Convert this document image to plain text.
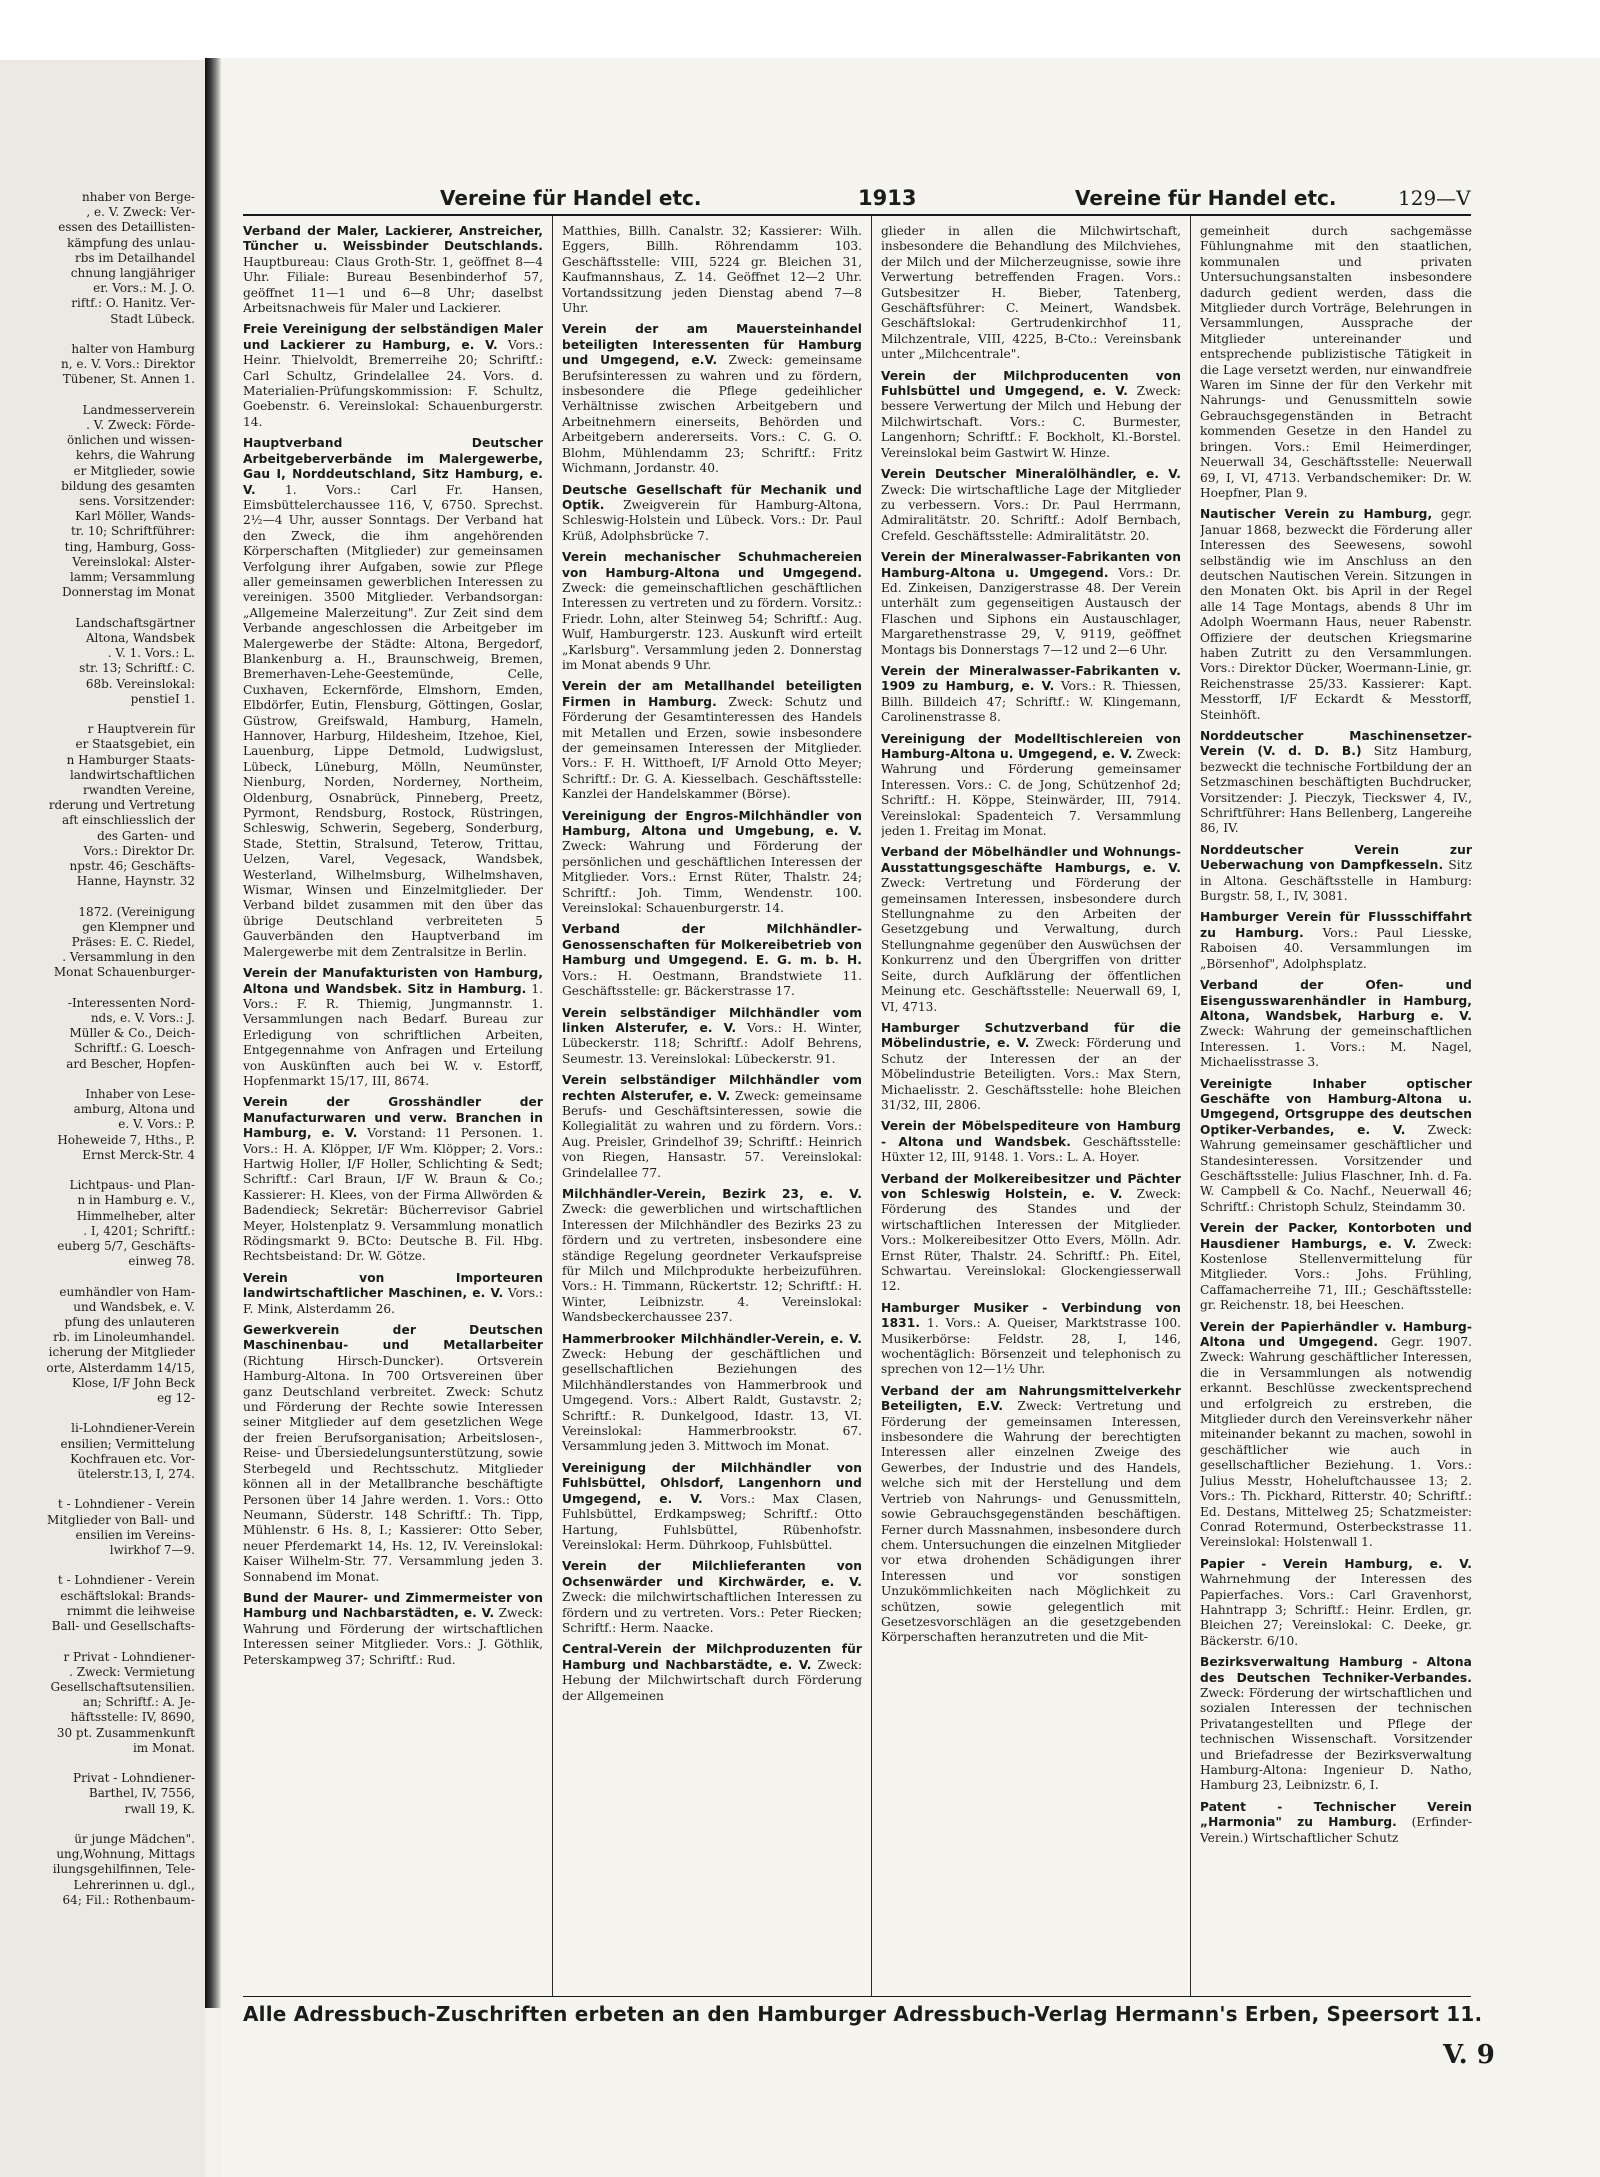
nhaber von Berge-
, e. V. Zweck: Ver-
essen des Detaillisten-
kämpfung des unlau-
rbs im Detailhandel
chnung langjähriger
er. Vors.: M. J. O.
riftf.: O. Hanitz. Ver-
Stadt Lübeck.

halter von Hamburg
n, e. V. Vors.: Direktor
Tübener, St. Annen 1.

Landmesserverein
. V. Zweck: Förde-
önlichen und wissen-
kehrs, die Wahrung
er Mitglieder, sowie
bildung des gesamten
sens. Vorsitzender:
Karl Möller, Wands-
tr. 10; Schriftführer:
ting, Hamburg, Goss-
Vereinslokal: Alster-
lamm; Versammlung
Donnerstag im Monat

Landschaftsgärtner
Altona, Wandsbek
. V. 1. Vors.: L.
str. 13; Schriftf.: C.
68b. Vereinslokal:
penstieI 1.

r Hauptverein für
er Staatsgebiet, ein
n Hamburger Staats-
landwirtschaftlichen
rwandten Vereine,
rderung und Vertretung
aft einschliesslich der
des Garten- und
Vors.: Direktor Dr.
npstr. 46; Geschäfts-
Hanne, Haynstr. 32

1872. (Vereinigung
gen Klempner und
Präses: E. C. Riedel,
. Versammlung in den
Monat Schauenburger-

-Interessenten Nord-
nds, e. V. Vors.: J.
Müller & Co., Deich-
Schriftf.: G. Loesch-
ard Bescher, Hopfen-

Inhaber von Lese-
amburg, Altona und
e. V. Vors.: P.
Hoheweide 7, Hths., P.
Ernst Merck-Str. 4

Lichtpaus- und Plan-
n in Hamburg e. V.,
Himmelheber, alter
. I, 4201; Schriftf.:
euberg 5/7, Geschäfts-
einweg 78.

eumhändler von Ham-
und Wandsbek, e. V.
pfung des unlauteren
rb. im Linoleumhandel.
icherung der Mitglieder
orte, Alsterdamm 14/15,
Klose, I/F John Beck
eg 12-

li-Lohndiener-Verein
ensilien; Vermittelung
Kochfrauen etc. Vor-
ütelerstr.13, I, 274.

t - Lohndiener - Verein
Mitglieder von Ball- und
ensilien im Vereins-
lwirkhof 7—9.

t - Lohndiener - Verein
eschäftslokal: Brands-
rnimmt die leihweise
Ball- und Gesellschafts-

r Privat - Lohndiener-
. Zweck: Vermietung
Gesellschaftsutensilien.
an; Schriftf.: A. Je-
häftsstelle: IV, 8690,
30 pt. Zusammenkunft
im Monat.

Privat - Lohndiener-
Barthel, IV, 7556,
rwall 19, K.

ür junge Mädchen".
ung,Wohnung, Mittags
ilungsgehilfinnen, Tele-
Lehrerinnen u. dgl.,
64; Fil.: Rothenbaum-
Vereine für Handel etc.	1913	Vereine für Handel etc.	129—V

Verband der Maler, Lackierer, Anstreicher, Tüncher u. Weissbinder Deutschlands. Hauptbureau: Claus Groth-Str. 1, geöffnet 8—4 Uhr. Filiale: Bureau Besenbinderhof 57, geöffnet 11—1 und 6—8 Uhr; daselbst Arbeitsnachweis für Maler und Lackierer.

Freie Vereinigung der selbständigen Maler und Lackierer zu Hamburg, e. V. Vors.: Heinr. Thielvoldt, Bremerreihe 20; Schriftf.: Carl Schultz, Grindelallee 24. Vors. d. Materialien-Prüfungskommission: F. Schultz, Goebenstr. 6. Vereinslokal: Schauenburgerstr. 14.

Hauptverband Deutscher Arbeitgeberverbände im Malergewerbe, Gau I, Norddeutschland, Sitz Hamburg, e. V. 1. Vors.: Carl Fr. Hansen, Eimsbüttelerchaussee 116, V, 6750. Sprechst. 2½—4 Uhr, ausser Sonntags. Der Verband hat den Zweck, die ihm angehörenden Körperschaften (Mitglieder) zur gemeinsamen Verfolgung ihrer Aufgaben, sowie zur Pflege aller gemeinsamen gewerblichen Interessen zu vereinigen. 3500 Mitglieder. Verbandsorgan: „Allgemeine Malerzeitung". Zur Zeit sind dem Verbande angeschlossen die Arbeitgeber im Malergewerbe der Städte: Altona, Bergedorf, Blankenburg a. H., Braunschweig, Bremen, Bremerhaven-Lehe-Geestemünde, Celle, Cuxhaven, Eckernförde, Elmshorn, Emden, Elbdörfer, Eutin, Flensburg, Göttingen, Goslar, Güstrow, Greifswald, Hamburg, Hameln, Hannover, Harburg, Hildesheim, Itzehoe, Kiel, Lauenburg, Lippe Detmold, Ludwigslust, Lübeck, Lüneburg, Mölln, Neumünster, Nienburg, Norden, Norderney, Northeim, Oldenburg, Osnabrück, Pinneberg, Preetz, Pyrmont, Rendsburg, Rostock, Rüstringen, Schleswig, Schwerin, Segeberg, Sonderburg, Stade, Stettin, Stralsund, Teterow, Trittau, Uelzen, Varel, Vegesack, Wandsbek, Westerland, Wilhelmsburg, Wilhelmshaven, Wismar, Winsen und Einzelmitglieder. Der Verband bildet zusammen mit den über das übrige Deutschland verbreiteten 5 Gauverbänden den Hauptverband im Malergewerbe mit dem Zentralsitze in Berlin.

Verein der Manufakturisten von Hamburg, Altona und Wandsbek. Sitz in Hamburg. 1. Vors.: F. R. Thiemig, Jungmannstr. 1. Versammlungen nach Bedarf. Bureau zur Erledigung von schriftlichen Arbeiten, Entgegennahme von Anfragen und Erteilung von Auskünften auch bei W. v. Estorff, Hopfenmarkt 15/17, III, 8674.

Verein der Grosshändler der Manufacturwaren und verw. Branchen in Hamburg, e. V. Vorstand: 11 Personen. 1. Vors.: H. A. Klöpper, I/F Wm. Klöpper; 2. Vors.: Hartwig Holler, I/F Holler, Schlichting & Sedt; Schriftf.: Carl Braun, I/F W. Braun & Co.; Kassierer: H. Klees, von der Firma Allwörden & Badendieck; Sekretär: Bücherrevisor Gabriel Meyer, Holstenplatz 9. Versammlung monatlich Rödingsmarkt 9. BCto: Deutsche B. Fil. Hbg. Rechtsbeistand: Dr. W. Götze.

Verein von Importeuren landwirtschaftlicher Maschinen, e. V. Vors.: F. Mink, Alsterdamm 26.

Gewerkverein der Deutschen Maschinenbau- und Metallarbeiter (Richtung Hirsch-Duncker). Ortsverein Hamburg-Altona. In 700 Ortsvereinen über ganz Deutschland verbreitet. Zweck: Schutz und Förderung der Rechte sowie Interessen seiner Mitglieder auf dem gesetzlichen Wege der freien Berufsorganisation; Arbeitslosen-, Reise- und Übersiedelungsunterstützung, sowie Sterbegeld und Rechtsschutz. Mitglieder können all in der Metallbranche beschäftigte Personen über 14 Jahre werden. 1. Vors.: Otto Neumann, Süderstr. 148 Schriftf.: Th. Tipp, Mühlenstr. 6 Hs. 8, I.; Kassierer: Otto Seber, neuer Pferdemarkt 14, Hs. 12, IV. Vereinslokal: Kaiser Wilhelm-Str. 77. Versammlung jeden 3. Sonnabend im Monat.

Bund der Maurer- und Zimmermeister von Hamburg und Nachbarstädten, e. V. Zweck: Wahrung und Förderung der wirtschaftlichen Interessen seiner Mitglieder. Vors.: J. Göthlik, Peterskampweg 37; Schriftf.: Rud.

Matthies, Billh. Canalstr. 32; Kassierer: Wilh. Eggers, Billh. Röhrendamm 103. Geschäftsstelle: VIII, 5224 gr. Bleichen 31, Kaufmannshaus, Z. 14. Geöffnet 12—2 Uhr. Vortandssitzung jeden Dienstag abend 7—8 Uhr.

Verein der am Mauersteinhandel beteiligten Interessenten für Hamburg und Umgegend, e.V. Zweck: gemeinsame Berufsinteressen zu wahren und zu fördern, insbesondere die Pflege gedeihlicher Verhältnisse zwischen Arbeitgebern und Arbeitnehmern einerseits, Behörden und Arbeitgebern andererseits. Vors.: C. G. O. Blohm, Mühlendamm 23; Schriftf.: Fritz Wichmann, Jordanstr. 40.

Deutsche Gesellschaft für Mechanik und Optik. Zweigverein für Hamburg-Altona, Schleswig-Holstein und Lübeck. Vors.: Dr. Paul Krüß, Adolphsbrücke 7.

Verein mechanischer Schuhmachereien von Hamburg-Altona und Umgegend. Zweck: die gemeinschaftlichen geschäftlichen Interessen zu vertreten und zu fördern. Vorsitz.: Friedr. Lohn, alter Steinweg 54; Schriftf.: Aug. Wulf, Hamburgerstr. 123. Auskunft wird erteilt „Karlsburg". Versammlung jeden 2. Donnerstag im Monat abends 9 Uhr.

Verein der am Metallhandel beteiligten Firmen in Hamburg. Zweck: Schutz und Förderung der Gesamtinteressen des Handels mit Metallen und Erzen, sowie insbesondere der gemeinsamen Interessen der Mitglieder. Vors.: F. H. Witthoeft, I/F Arnold Otto Meyer; Schriftf.: Dr. G. A. Kiesselbach. Geschäftsstelle: Kanzlei der Handelskammer (Börse).

Vereinigung der Engros-Milchhändler von Hamburg, Altona und Umgebung, e. V. Zweck: Wahrung und Förderung der persönlichen und geschäftlichen Interessen der Mitglieder. Vors.: Ernst Rüter, Thalstr. 24; Schriftf.: Joh. Timm, Wendenstr. 100. Vereinslokal: Schauenburgerstr. 14.

Verband der Milchhändler-Genossenschaften für Molkereibetrieb von Hamburg und Umgegend. E. G. m. b. H. Vors.: H. Oestmann, Brandstwiete 11. Geschäftsstelle: gr. Bäckerstrasse 17.

Verein selbständiger Milchhändler vom linken Alsterufer, e. V. Vors.: H. Winter, Lübeckerstr. 118; Schriftf.: Adolf Behrens, Seumestr. 13. Vereinslokal: Lübeckerstr. 91.

Verein selbständiger Milchhändler vom rechten Alsterufer, e. V. Zweck: gemeinsame Berufs- und Geschäftsinteressen, sowie die Kollegialität zu wahren und zu fördern. Vors.: Aug. Preisler, Grindelhof 39; Schriftf.: Heinrich von Riegen, Hansastr. 57. Vereinslokal: Grindelallee 77.

Milchhändler-Verein, Bezirk 23, e. V. Zweck: die gewerblichen und wirtschaftlichen Interessen der Milchhändler des Bezirks 23 zu fördern und zu vertreten, insbesondere eine ständige Regelung geordneter Verkaufspreise für Milch und Milchprodukte herbeizuführen. Vors.: H. Timmann, Rückertstr. 12; Schriftf.: H. Winter, Leibnizstr. 4. Vereinslokal: Wandsbeckerchaussee 237.

Hammerbrooker Milchhändler-Verein, e. V. Zweck: Hebung der geschäftlichen und gesellschaftlichen Beziehungen des Milchhändlerstandes von Hammerbrook und Umgegend. Vors.: Albert Raldt, Gustavstr. 2; Schriftf.: R. Dunkelgood, Idastr. 13, VI. Vereinslokal: Hammerbrookstr. 67. Versammlung jeden 3. Mittwoch im Monat.

Vereinigung der Milchhändler von Fuhlsbüttel, Ohlsdorf, Langenhorn und Umgegend, e. V. Vors.: Max Clasen, Fuhlsbüttel, Erdkampsweg; Schriftf.: Otto Hartung, Fuhlsbüttel, Rübenhofstr. Vereinslokal: Herm. Dührkoop, Fuhlsbüttel.

Verein der Milchlieferanten von Ochsenwärder und Kirchwärder, e. V. Zweck: die milchwirtschaftlichen Interessen zu fördern und zu vertreten. Vors.: Peter Riecken; Schriftf.: Herm. Naacke.

Central-Verein der Milchproduzenten für Hamburg und Nachbarstädte, e. V. Zweck: Hebung der Milchwirtschaft durch Förderung der Allgemeinen

glieder in allen die Milchwirtschaft, insbesondere die Behandlung des Milchviehes, der Milch und der Milcherzeugnisse, sowie ihre Verwertung betreffenden Fragen. Vors.: Gutsbesitzer H. Bieber, Tatenberg, Geschäftsführer: C. Meinert, Wandsbek. Geschäftslokal: Gertrudenkirchhof 11, Milchzentrale, VIII, 4225, B-Cto.: Vereinsbank unter „Milchcentrale".

Verein der Milchproducenten von Fuhlsbüttel und Umgegend, e. V. Zweck: bessere Verwertung der Milch und Hebung der Milchwirtschaft. Vors.: C. Burmester, Langenhorn; Schriftf.: F. Bockholt, Kl.-Borstel. Vereinslokal beim Gastwirt W. Hinze.

Verein Deutscher Mineralölhändler, e. V. Zweck: Die wirtschaftliche Lage der Mitglieder zu verbessern. Vors.: Dr. Paul Herrmann, Admiralitätstr. 20. Schriftf.: Adolf Bernbach, Crefeld. Geschäftsstelle: Admiralitätstr. 20.

Verein der Mineralwasser-Fabrikanten von Hamburg-Altona u. Umgegend. Vors.: Dr. Ed. Zinkeisen, Danzigerstrasse 48. Der Verein unterhält zum gegenseitigen Austausch der Flaschen und Siphons ein Austauschlager, Margarethenstrasse 29, V, 9119, geöffnet Montags bis Donnerstags 7—12 und 2—6 Uhr.

Verein der Mineralwasser-Fabrikanten v. 1909 zu Hamburg, e. V. Vors.: R. Thiessen, Billh. Billdeich 47; Schriftf.: W. Klingemann, Carolinenstrasse 8.

Vereinigung der Modelltischlereien von Hamburg-Altona u. Umgegend, e. V. Zweck: Wahrung und Förderung gemeinsamer Interessen. Vors.: C. de Jong, Schützenhof 2d; Schriftf.: H. Köppe, Steinwärder, III, 7914. Vereinslokal: Spadenteich 7. Versammlung jeden 1. Freitag im Monat.

Verband der Möbelhändler und Wohnungs-Ausstattungsgeschäfte Hamburgs, e. V. Zweck: Vertretung und Förderung der gemeinsamen Interessen, insbesondere durch Stellungnahme zu den Arbeiten der Gesetzgebung und Verwaltung, durch Stellungnahme gegenüber den Auswüchsen der Konkurrenz und den Übergriffen von dritter Seite, durch Aufklärung der öffentlichen Meinung etc. Geschäftsstelle: Neuerwall 69, I, VI, 4713.

Hamburger Schutzverband für die Möbelindustrie, e. V. Zweck: Förderung und Schutz der Interessen der an der Möbelindustrie Beteiligten. Vors.: Max Stern, Michaelisstr. 2. Geschäftsstelle: hohe Bleichen 31/32, III, 2806.

Verein der Möbelspediteure von Hamburg - Altona und Wandsbek. Geschäftsstelle: Hüxter 12, III, 9148. 1. Vors.: L. A. Hoyer.

Verband der Molkereibesitzer und Pächter von Schleswig Holstein, e. V. Zweck: Förderung des Standes und der wirtschaftlichen Interessen der Mitglieder. Vors.: Molkereibesitzer Otto Evers, Mölln. Adr. Ernst Rüter, Thalstr. 24. Schriftf.: Ph. Eitel, Schwartau. Vereinslokal: Glockengiesserwall 12.

Hamburger Musiker - Verbindung von 1831. 1. Vors.: A. Queiser, Marktstrasse 100. Musikerbörse: Feldstr. 28, I, 146, wochentäglich: Börsenzeit und telephonisch zu sprechen von 12—1½ Uhr.

Verband der am Nahrungsmittelverkehr Beteiligten, E.V. Zweck: Vertretung und Förderung der gemeinsamen Interessen, insbesondere die Wahrung der berechtigten Interessen aller einzelnen Zweige des Gewerbes, der Industrie und des Handels, welche sich mit der Herstellung und dem Vertrieb von Nahrungs- und Genussmitteln, sowie Gebrauchsgegenständen beschäftigen. Ferner durch Massnahmen, insbesondere durch chem. Untersuchungen die einzelnen Mitglieder vor etwa drohenden Schädigungen ihrer Interessen und vor sonstigen Unzukömmlichkeiten nach Möglichkeit zu schützen, sowie gelegentlich mit Gesetzesvorschlägen an die gesetzgebenden Körperschaften heranzutreten und die Mit-

gemeinheit durch sachgemässe Fühlungnahme mit den staatlichen, kommunalen und privaten Untersuchungsanstalten insbesondere dadurch gedient werden, dass die Mitglieder durch Vorträge, Belehrungen in Versammlungen, Aussprache der Mitglieder untereinander und entsprechende publizistische Tätigkeit in die Lage versetzt werden, nur einwandfreie Waren im Sinne der für den Verkehr mit Nahrungs- und Genussmitteln sowie Gebrauchsgegenständen in Betracht kommenden Gesetze in den Handel zu bringen. Vors.: Emil Heimerdinger, Neuerwall 34, Geschäftsstelle: Neuerwall 69, I, VI, 4713. Verbandschemiker: Dr. W. Hoepfner, Plan 9.

Nautischer Verein zu Hamburg, gegr. Januar 1868, bezweckt die Förderung aller Interessen des Seewesens, sowohl selbständig wie im Anschluss an den deutschen Nautischen Verein. Sitzungen in den Monaten Okt. bis April in der Regel alle 14 Tage Montags, abends 8 Uhr im Adolph Woermann Haus, neuer Rabenstr. Offiziere der deutschen Kriegsmarine haben Zutritt zu den Versammlungen. Vors.: Direktor Dücker, Woermann-Linie, gr. Reichenstrasse 25/33. Kassierer: Kapt. Messtorff, I/F Eckardt & Messtorff, Steinhöft.

Norddeutscher Maschinensetzer-Verein (V. d. D. B.) Sitz Hamburg, bezweckt die technische Fortbildung der an Setzmaschinen beschäftigten Buchdrucker, Vorsitzender: J. Pieczyk, Tieckswег 4, IV., Schriftführer: Hans Bellenberg, Langereihe 86, IV.

Norddeutscher Verein zur Ueberwachung von Dampfkesseln. Sitz in Altona. Geschäftsstelle in Hamburg: Burgstr. 58, I., IV, 3081.

Hamburger Verein für Flussschiffahrt zu Hamburg. Vors.: Paul Liesske, Raboisen 40. Versammlungen im „Börsenhof", Adolphsplatz.

Verband der Ofen- und Eisengusswarenhändler in Hamburg, Altona, Wandsbek, Harburg e. V. Zweck: Wahrung der gemeinschaftlichen Interessen. 1. Vors.: M. Nagel, Michaelisstrasse 3.

Vereinigte Inhaber optischer Geschäfte von Hamburg-Altona u. Umgegend, Ortsgruppe des deutschen Optiker-Verbandes, e. V. Zweck: Wahrung gemeinsamer geschäftlicher und Standesinteressen. Vorsitzender und Geschäftsstelle: Julius Flaschner, Inh. d. Fa. W. Campbell & Co. Nachf., Neuerwall 46; Schriftf.: Christoph Schulz, Steindamm 30.

Verein der Packer, Kontorboten und Hausdiener Hamburgs, e. V. Zweck: Kostenlose Stellenvermittelung für Mitglieder. Vors.: Johs. Frühling, Caffamacherreihe 71, III.; Geschäftsstelle: gr. Reichenstr. 18, bei Heeschen.

Verein der Papierhändler v. Hamburg-Altona und Umgegend. Gegr. 1907. Zweck: Wahrung geschäftlicher Interessen, die in Versammlungen als notwendig erkannt. Beschlüsse zweckentsprechend und erfolgreich zu erstreben, die Mitglieder durch den Vereinsverkehr näher miteinander bekannt zu machen, sowohl in geschäftlicher wie auch in gesellschaftlicher Beziehung. 1. Vors.: Julius Messtr, Hoheluftchaussee 13; 2. Vors.: Th. Pickhard, Ritterstr. 40; Schriftf.: Ed. Destans, Mittelweg 25; Schatzmeister: Conrad Rotermund, Osterbeckstrasse 11. Vereinslokal: Holstenwall 1.

Papier - Verein Hamburg, e. V. Wahrnehmung der Interessen des Papierfaches. Vors.: Carl Gravenhorst, Hahntrapp 3; Schriftf.: Heinr. Erdlen, gr. Bleichen 27; Vereinslokal: C. Deeke, gr. Bäckerstr. 6/10.

Bezirksverwaltung Hamburg - Altona des Deutschen Techniker-Verbandes. Zweck: Förderung der wirtschaftlichen und sozialen Interessen der technischen Privatangestellten und Pflege der technischen Wissenschaft. Vorsitzender und Briefadresse der Bezirksverwaltung Hamburg-Altona: Ingenieur D. Natho, Hamburg 23, Leibnizstr. 6, I.

Patent - Technischer Verein „Harmonia" zu Hamburg. (Erfinder-Verein.) Wirtschaftlicher Schutz

Alle Adressbuch-Zuschriften erbeten an den Hamburger Adressbuch-Verlag Hermann's Erben, Speersort 11.
V. 9
